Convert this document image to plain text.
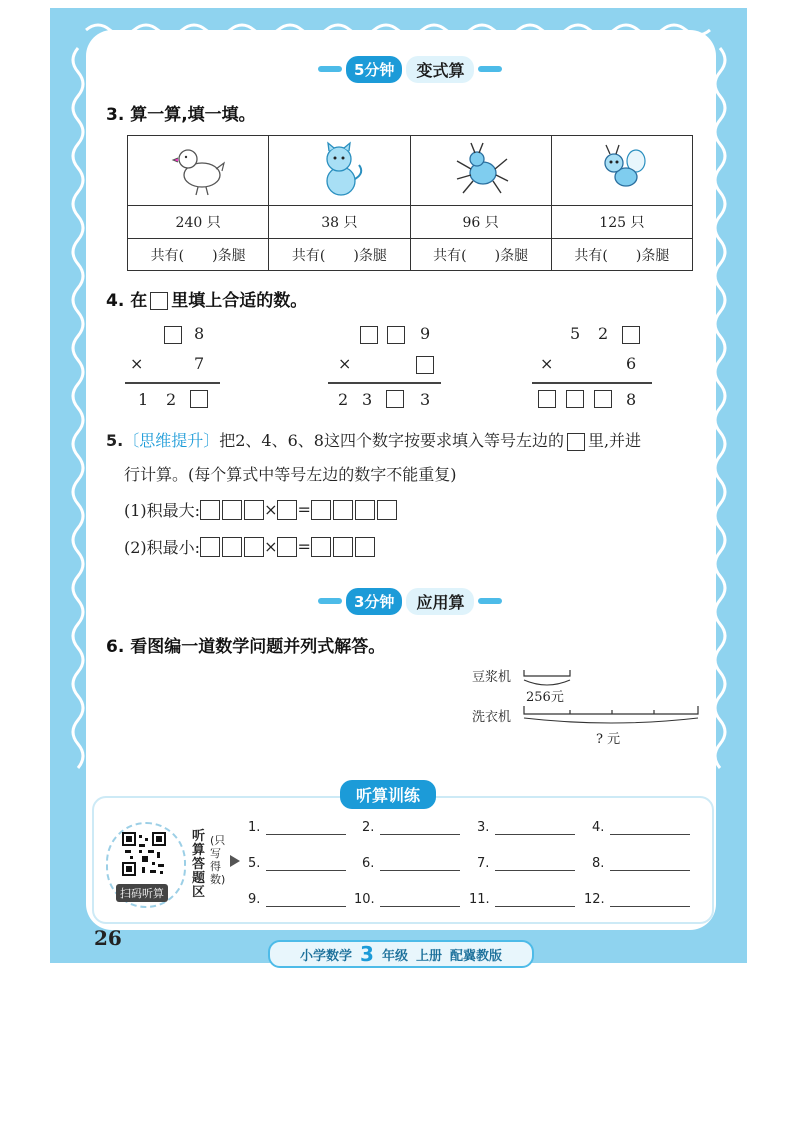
5分钟	变式算
3. 算一算,填一填。

240 只	38 只	96 只	125 只
共有(　　)条腿	共有(　　)条腿	共有(　　)条腿	共有(　　)条腿
4. 在 里填上合适的数。
8
×	7
1 2
9
×
2 3	3
5 2
×	6
8
5.〔思维提升〕把2、4、6、8这四个数字按要求填入等号左边的 里,并进
行计算。(每个算式中等号左边的数字不能重复)
(1)积最大:	× =
(2)积最小:	× =
3分钟	应用算
6. 看图编一道数学问题并列式解答。
豆浆机
256元
洗衣机
? 元
听算训练
扫码听算
听算答题区
(只写得数)
1.	2.	3.	4.
5.	6.	7.	8.
9.	10.	11.	12.
26
小学数学 3 年级 上册 配冀教版
